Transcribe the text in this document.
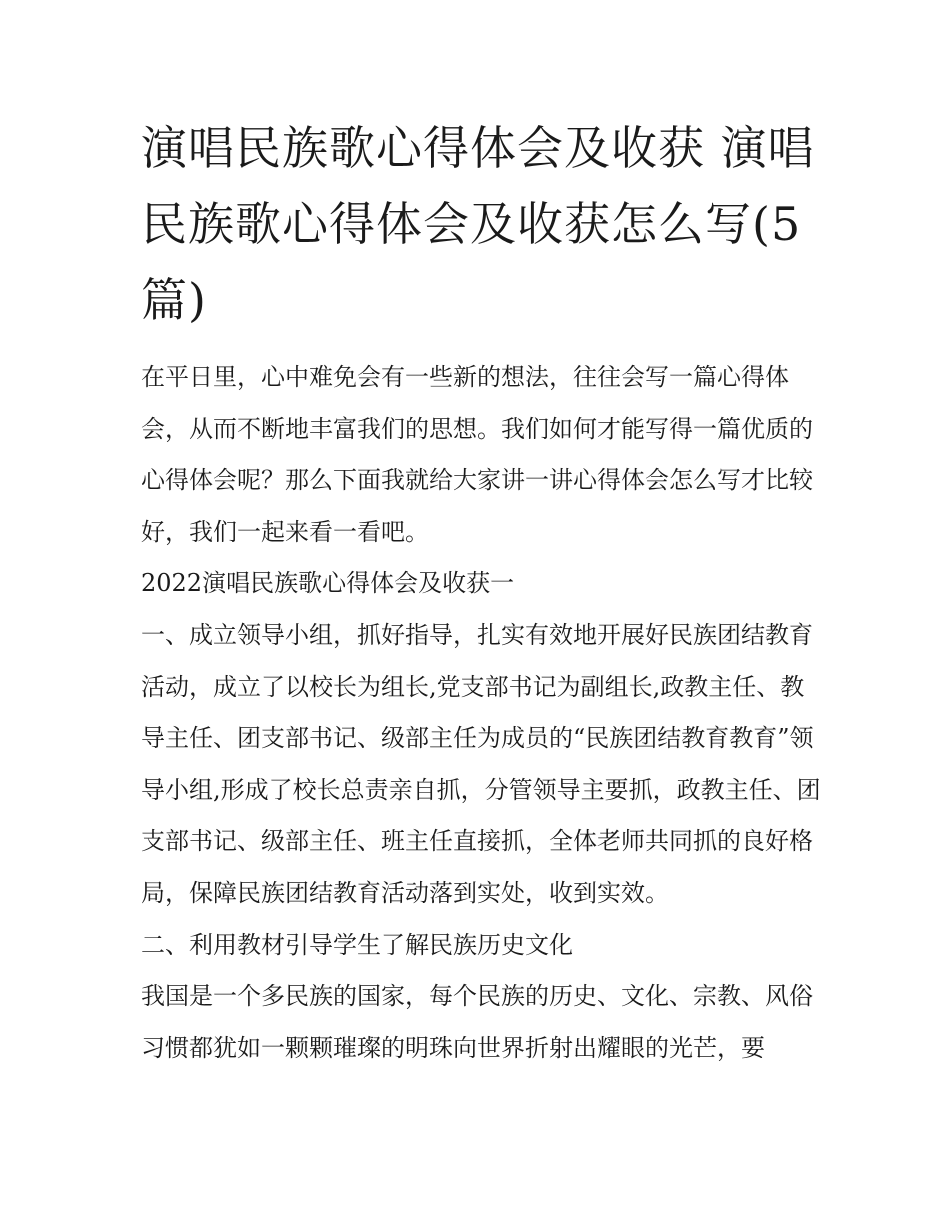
演唱民族歌心得体会及收获 演唱民族歌心得体会及收获怎么写(5篇)

在平日里，心中难免会有一些新的想法，往往会写一篇心得体会，从而不断地丰富我们的思想。我们如何才能写得一篇优质的心得体会呢？那么下面我就给大家讲一讲心得体会怎么写才比较好，我们一起来看一看吧。

2022演唱民族歌心得体会及收获一

一、成立领导小组，抓好指导，扎实有效地开展好民族团结教育活动，成立了以校长为组长,党支部书记为副组长,政教主任、教导主任、团支部书记、级部主任为成员的“民族团结教育教育”领导小组,形成了校长总责亲自抓，分管领导主要抓，政教主任、团支部书记、级部主任、班主任直接抓，全体老师共同抓的良好格局，保障民族团结教育活动落到实处，收到实效。

二、利用教材引导学生了解民族历史文化

我国是一个多民族的国家，每个民族的历史、文化、宗教、风俗习惯都犹如一颗颗璀璨的明珠向世界折射出耀眼的光芒，要
